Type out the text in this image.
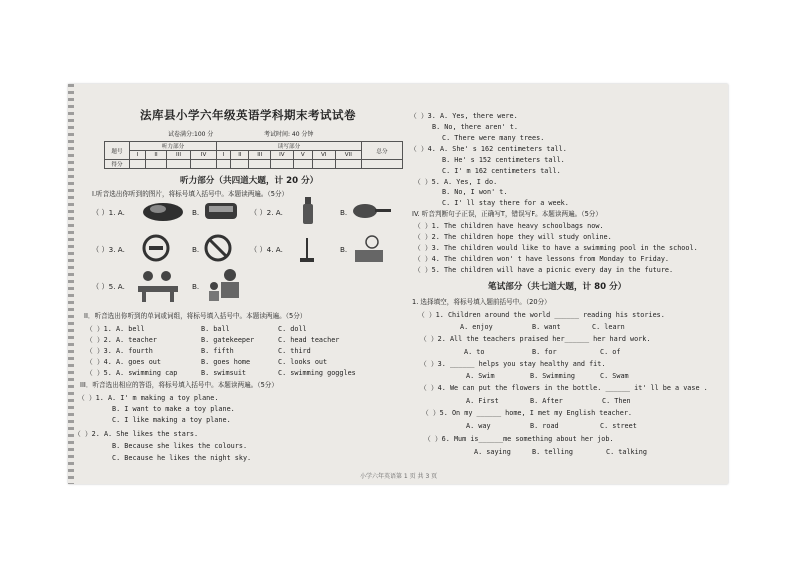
法库县小学六年级英语学科期末考试试卷
试卷满分:100 分	考试时间: 40 分钟
题号	听力部分				读写部分							总分
	I	II	III	IV	I	II	III	IV	V	VI	VII	
得分												
听力部分（共四道大题，计 20 分）
I.听音选出你听到的图片，将标号填入括号中。本题读两遍。（5分）
（ ）1. A.	B.	（ ）2. A.	B.
（ ）3. A.	B.	（ ）4. A.	B.
（ ）5. A.	B.
II．听音选出你听到的单词或词组，将标号填入括号中。本题读两遍。（5分）
（ ）1. A. bell	B. ball	C. doll
（ ）2. A. teacher	B. gatekeeper	C. head teacher
（ ）3. A. fourth	B. fifth	C. third
（ ）4. A. goes out	B. goes home	C. looks out
（ ）5. A. swimming cap	B. swimsuit	C. swimming goggles
III．听音选出相应的答语，将标号填入括号中。本题读两遍。（5分）
（ ）1. A. I' m making a toy plane.
B. I want to make a toy plane.
C. I like making a toy plane.
（ ）2. A. She likes the stars.
B. Because she likes the colours.
C. Because he likes the night sky.
（ ）3. A. Yes, there were.
B. No, there aren' t.
C. There were many trees.
（ ）4. A. She' s 162 centimeters tall.
B. He' s 152 centimeters tall.
C. I' m 162 centimeters tall.
（ ）5. A. Yes, I do.
B. No, I won' t.
C. I' ll stay there for a week.
IV. 听音判断句子正误，正确写T，错误写F。本题读两遍。（5分）
（ ）1. The children have heavy schoolbags now.
（ ）2. The children hope they will study online.
（ ）3. The children would like to have a swimming pool in the school.
（ ）4. The children won' t have lessons from Monday to Friday.
（ ）5. The children will have a picnic every day in the future.
笔试部分（共七道大题，计 80 分）
1. 选择填空，将标号填入题前括号中。（20分）
（ ）1. Children around the world ______ reading his stories.
A. enjoy	B. want	C. learn
（ ）2. All the teachers praised her______ her hard work.
A. to	B. for	C. of
（ ）3. ______ helps you stay healthy and fit.
A. Swim	B. Swimming	C. Swam
（ ）4. We can put the flowers in the bottle. ______ it' ll be a vase .
A. First	B. After	C. Then
（ ）5. On my ______ home, I met my English teacher.
A. way	B. road	C. street
（ ）6. Mum is______me something about her job.
A. saying	B. telling	C. talking
小学六年英语第 1 页 共 3 页
